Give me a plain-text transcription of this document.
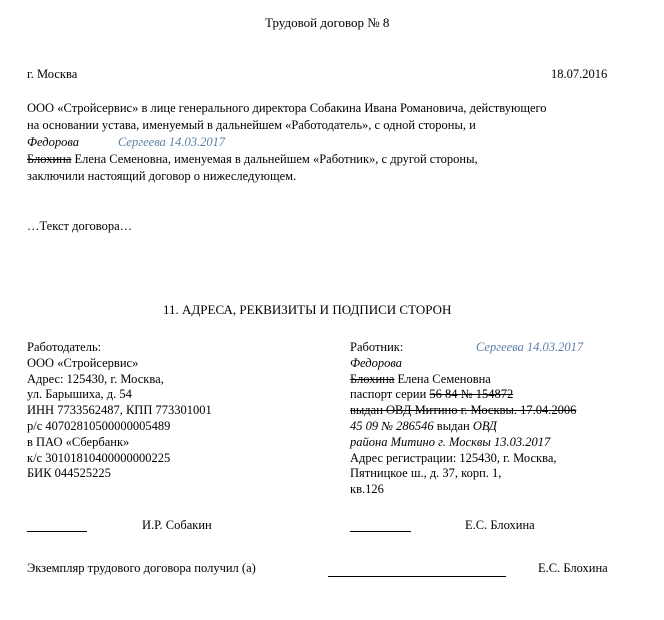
Трудовой договор № 8
г. Москва	18.07.2016
ООО «Стройсервис» в лице генерального директора Собакина Ивана Романовича, действующего
на основании устава, именуемый в дальнейшем «Работодатель», с одной стороны, и
Федорова	Сергеева 14.03.2017
Блохина Елена Семеновна, именуемая в дальнейшем «Работник», с другой стороны,
заключили настоящий договор о нижеследующем.
…Текст договора…
11. АДРЕСА, РЕКВИЗИТЫ И ПОДПИСИ СТОРОН
Работодатель:
ООО «Стройсервис»
Адрес: 125430, г. Москва,
ул. Барышиха, д. 54
ИНН 7733562487, КПП 773301001
р/с 40702810500000005489
в ПАО «Сбербанк»
к/с 30101810400000000225
БИК 044525225
Работник:	Сергеева 14.03.2017
Федорова
Блохина Елена Семеновна
паспорт серии 56 84 № 154872
выдан ОВД Митино г. Москвы. 17.04.2006
45 09 № 286546 выдан ОВД
района Митино г. Москвы 13.03.2017
Адрес регистрации: 125430, г. Москва,
Пятницкое ш., д. 37, корп. 1,
кв.126
И.Р. Собакин	Е.С. Блохина
Экземпляр трудового договора получил (а)	Е.С. Блохина
